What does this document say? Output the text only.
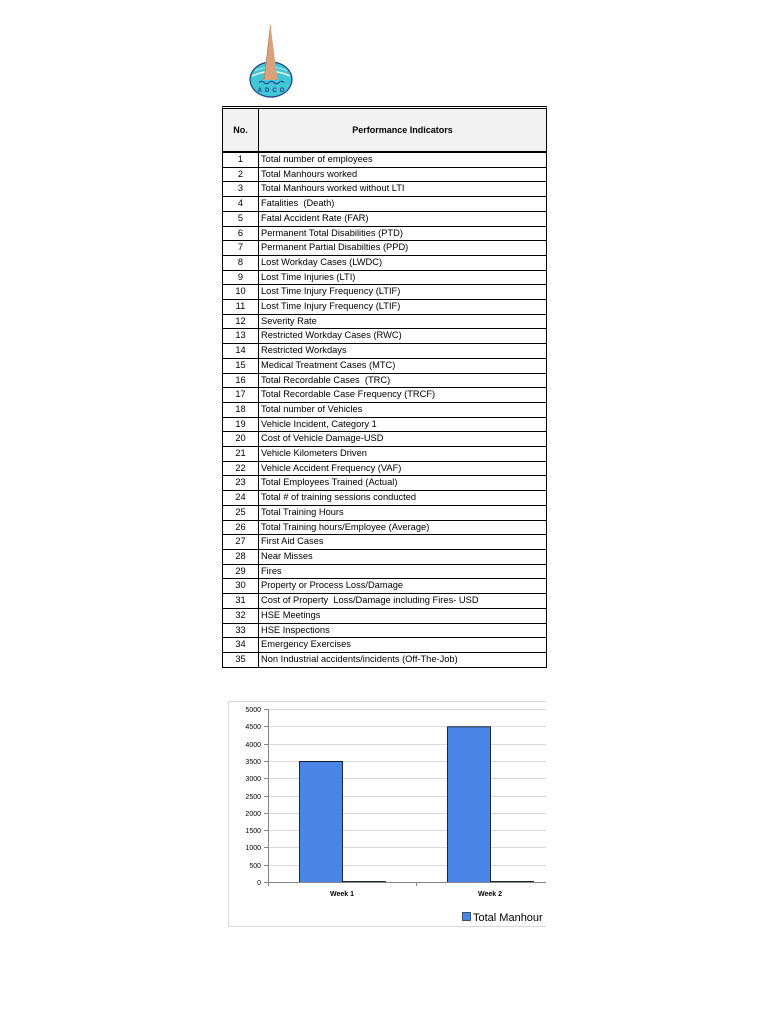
ADCO
No.	Performance Indicators
1	Total number of employees
2	Total Manhours worked
3	Total Manhours worked without LTI
4	Fatalities  (Death)
5	Fatal Accident Rate (FAR)
6	Permanent Total Disabilities (PTD)
7	Permanent Partial Disabilties (PPD)
8	Lost Workday Cases (LWDC)
9	Lost Time Injuries (LTI)
10	Lost Time Injury Frequency (LTIF)
11	Lost Time Injury Frequency (LTIF)
12	Severity Rate
13	Restricted Workday Cases (RWC)
14	Restricted Workdays
15	Medical Treatment Cases (MTC)
16	Total Recordable Cases  (TRC)
17	Total Recordable Case Frequency (TRCF)
18	Total number of Vehicles
19	Vehicle Incident, Category 1
20	Cost of Vehicle Damage-USD
21	Vehicle Kilometers Driven
22	Vehicle Accident Frequency (VAF)
23	Total Employees Trained (Actual)
24	Total # of training sessions conducted
25	Total Training Hours
26	Total Training hours/Employee (Average)
27	First Aid Cases
28	Near Misses
29	Fires
30	Property or Process Loss/Damage
31	Cost of Property  Loss/Damage including Fires- USD
32	HSE Meetings
33	HSE Inspections
34	Emergency Exercises
35	Non Industrial accidents/incidents (Off-The-Job)
0
500
1000
1500
2000
2500
3000
3500
4000
4500
5000
Week 1	Week 2
Total Manhour
